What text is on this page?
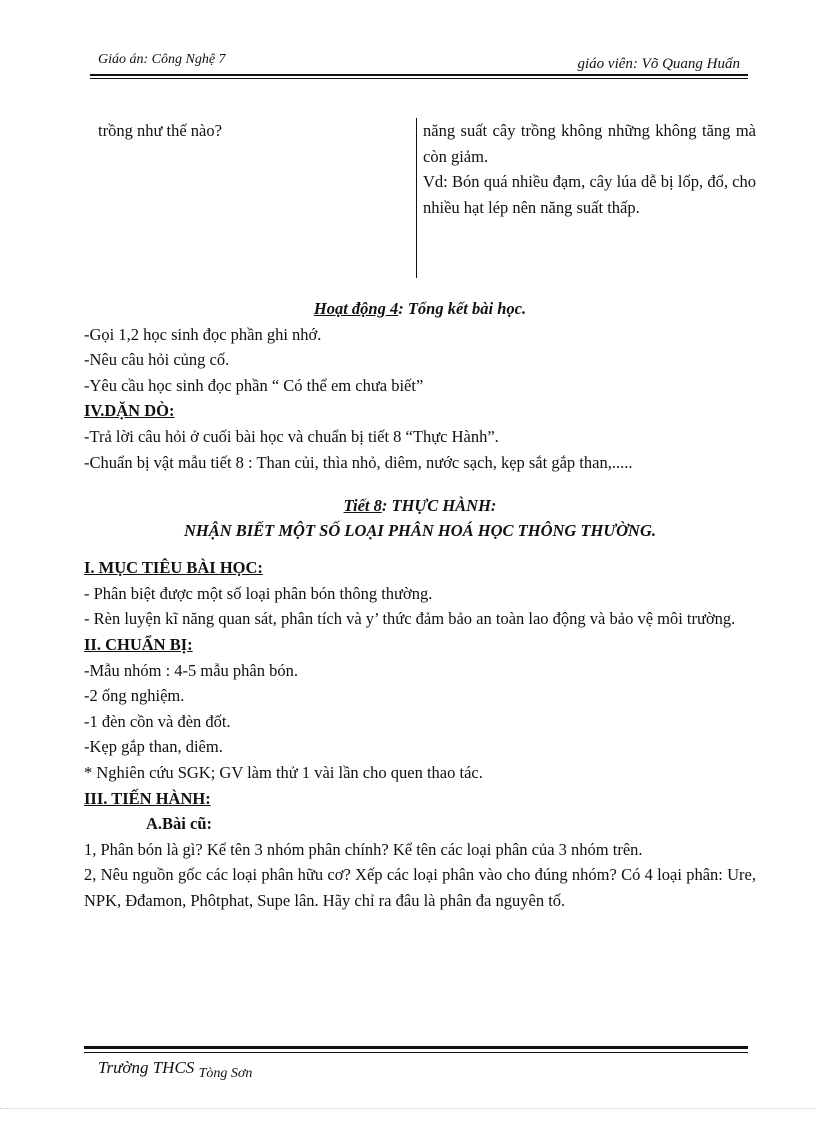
Giáo án: Công Nghệ 7	giáo viên: Võ Quang Huấn
trồng như thế nào?	năng suất cây trồng không những không tăng mà còn giảm.
Vd: Bón quá nhiều đạm, cây lúa dễ bị lốp, đổ, cho nhiều hạt lép nên năng suất thấp.
Hoạt động 4: Tổng kết bài học.
-Gọi 1,2 học sinh đọc phần ghi nhớ.
-Nêu câu hỏi củng cố.
-Yêu cầu học sinh đọc phần “ Có thể em chưa biết”
IV.DẶN DÒ:
-Trả lời câu hỏi ở cuối bài học và chuẩn bị tiết 8 “Thực Hành”.
-Chuẩn bị vật mẫu tiết 8 : Than củi, thìa nhỏ, diêm, nước sạch, kẹp sắt gắp than,.....
Tiết 8: THỰC HÀNH:
NHẬN BIẾT MỘT SỐ LOẠI PHÂN HOÁ HỌC THÔNG THƯỜNG.
I. MỤC TIÊU BÀI HỌC:
- Phân biệt được một số loại phân bón thông thường.
- Rèn luyện kĩ năng quan sát, phân tích và y’ thức đảm bảo an toàn lao động và bảo vệ môi trường.
II. CHUẨN BỊ:
-Mẫu nhóm : 4-5 mẫu phân bón.
-2 ống nghiệm.
-1 đèn cồn và đèn đốt.
-Kẹp gắp than, diêm.
* Nghiên cứu SGK; GV làm thử 1 vài lần cho quen thao tác.
III. TIẾN HÀNH:
A.Bài cũ:
1, Phân bón là gì? Kể tên 3 nhóm phân chính? Kể tên các loại phân của 3 nhóm trên.
2, Nêu nguồn gốc các loại phân hữu cơ? Xếp các loại phân vào cho đúng nhóm? Có 4 loại phân: Ure, NPK, Đđamon, Phôtphat, Supe lân. Hãy chỉ ra đâu là phân đa nguyên tố.
Trường THCS $_{Tòng Sơn}$
